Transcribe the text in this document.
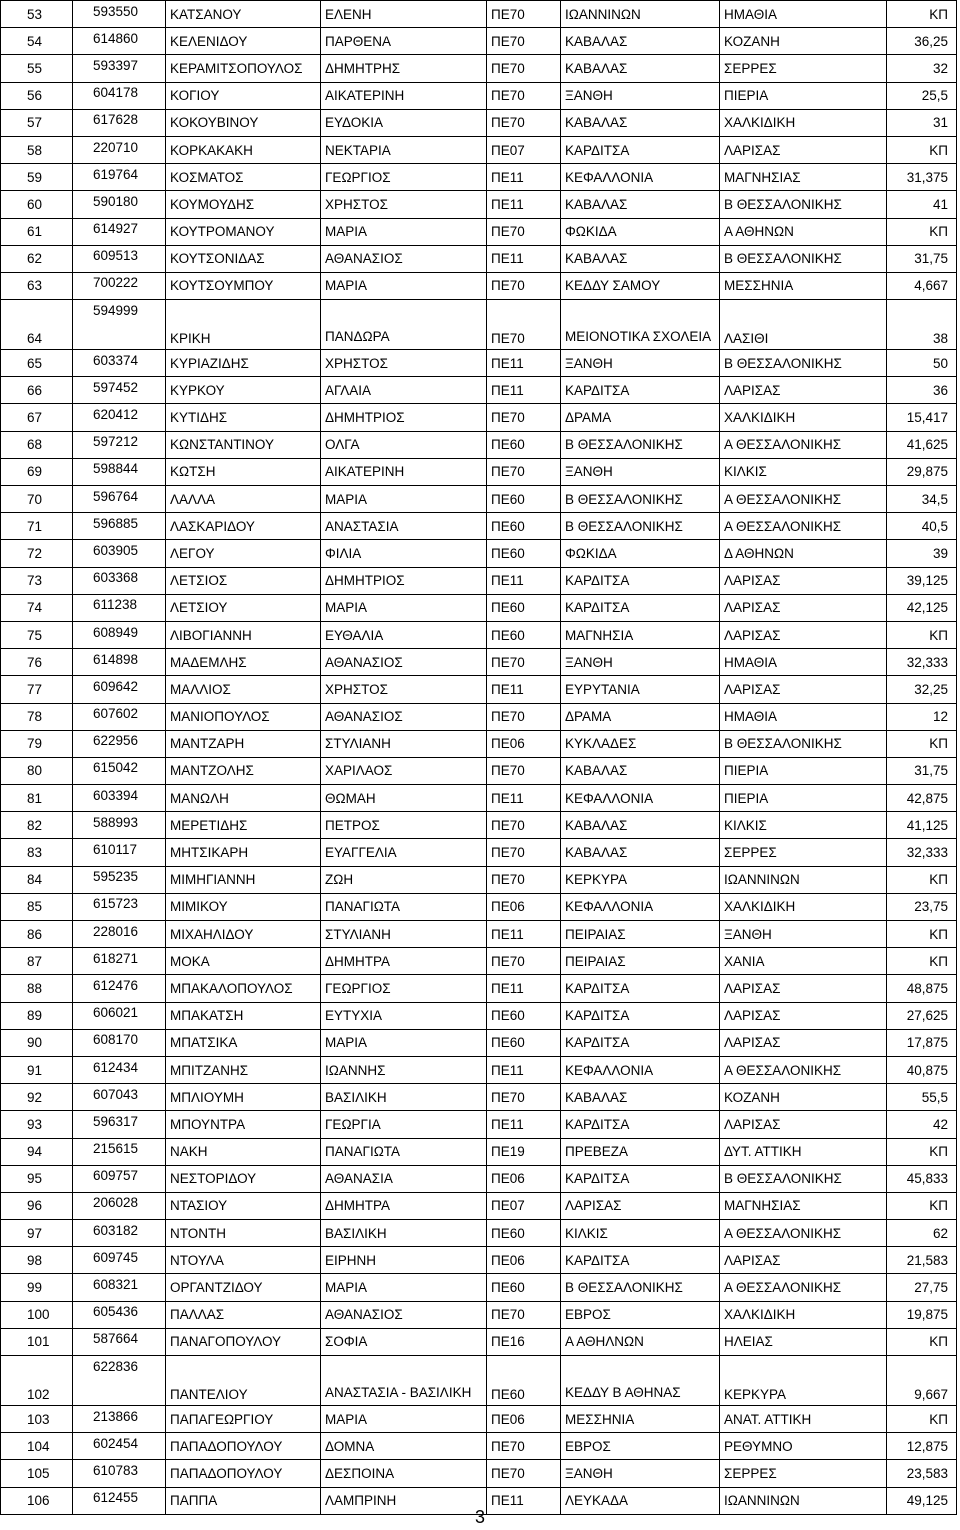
53	593550	ΚΑΤΣΑΝΟΥ	ΕΛΕΝΗ	ΠΕ70	ΙΩΑΝΝΙΝΩΝ	ΗΜΑΘΙΑ	ΚΠ
54	614860	ΚΕΛΕΝΙΔΟΥ	ΠΑΡΘΕΝΑ	ΠΕ70	ΚΑΒΑΛΑΣ	ΚΟΖΑΝΗ	36,25
55	593397	ΚΕΡΑΜΙΤΣΟΠΟΥΛΟΣ	ΔΗΜΗΤΡΗΣ	ΠΕ70	ΚΑΒΑΛΑΣ	ΣΕΡΡΕΣ	32
56	604178	ΚΟΓΙΟΥ	ΑΙΚΑΤΕΡΙΝΗ	ΠΕ70	ΞΑΝΘΗ	ΠΙΕΡΙΑ	25,5
57	617628	ΚΟΚΟΥΒΙΝΟΥ	ΕΥΔΟΚΙΑ	ΠΕ70	ΚΑΒΑΛΑΣ	ΧΑΛΚΙΔΙΚΗ	31
58	220710	ΚΟΡΚΑΚΑΚΗ	ΝΕΚΤΑΡΙΑ	ΠΕ07	ΚΑΡΔΙΤΣΑ	ΛΑΡΙΣΑΣ	ΚΠ
59	619764	ΚΟΣΜΑΤΟΣ	ΓΕΩΡΓΙΟΣ	ΠΕ11	ΚΕΦΑΛΛΟΝΙΑ	ΜΑΓΝΗΣΙΑΣ	31,375
60	590180	ΚΟΥΜΟΥΔΗΣ	ΧΡΗΣΤΟΣ	ΠΕ11	ΚΑΒΑΛΑΣ	Β ΘΕΣΣΑΛΟΝΙΚΗΣ	41
61	614927	ΚΟΥΤΡΟΜΑΝΟΥ	ΜΑΡΙΑ	ΠΕ70	ΦΩΚΙΔΑ	Α ΑΘΗΝΩΝ	ΚΠ
62	609513	ΚΟΥΤΣΟΝΙΔΑΣ	ΑΘΑΝΑΣΙΟΣ	ΠΕ11	ΚΑΒΑΛΑΣ	Β ΘΕΣΣΑΛΟΝΙΚΗΣ	31,75
63	700222	ΚΟΥΤΣΟΥΜΠΟΥ	ΜΑΡΙΑ	ΠΕ70	ΚΕΔΔΥ ΣΑΜΟΥ	ΜΕΣΣΗΝΙΑ	4,667
64	594999	ΚΡΙΚΗ	ΠΑΝΔΩΡΑ	ΠΕ70	ΜΕΙΟΝΟΤΙΚΑ ΣΧΟΛΕΙΑ	ΛΑΣΙΘΙ	38
65	603374	ΚΥΡΙΑΖΙΔΗΣ	ΧΡΗΣΤΟΣ	ΠΕ11	ΞΑΝΘΗ	Β ΘΕΣΣΑΛΟΝΙΚΗΣ	50
66	597452	ΚΥΡΚΟΥ	ΑΓΛΑΙΑ	ΠΕ11	ΚΑΡΔΙΤΣΑ	ΛΑΡΙΣΑΣ	36
67	620412	ΚΥΤΙΔΗΣ	ΔΗΜΗΤΡΙΟΣ	ΠΕ70	ΔΡΑΜΑ	ΧΑΛΚΙΔΙΚΗ	15,417
68	597212	ΚΩΝΣΤΑΝΤΙΝΟΥ	ΟΛΓΑ	ΠΕ60	Β ΘΕΣΣΑΛΟΝΙΚΗΣ	Α ΘΕΣΣΑΛΟΝΙΚΗΣ	41,625
69	598844	ΚΩΤΣΗ	ΑΙΚΑΤΕΡΙΝΗ	ΠΕ70	ΞΑΝΘΗ	ΚΙΛΚΙΣ	29,875
70	596764	ΛΑΛΛΑ	ΜΑΡΙΑ	ΠΕ60	Β ΘΕΣΣΑΛΟΝΙΚΗΣ	Α ΘΕΣΣΑΛΟΝΙΚΗΣ	34,5
71	596885	ΛΑΣΚΑΡΙΔΟΥ	ΑΝΑΣΤΑΣΙΑ	ΠΕ60	Β ΘΕΣΣΑΛΟΝΙΚΗΣ	Α ΘΕΣΣΑΛΟΝΙΚΗΣ	40,5
72	603905	ΛΕΓΟΥ	ΦΙΛΙΑ	ΠΕ60	ΦΩΚΙΔΑ	Δ ΑΘΗΝΩΝ	39
73	603368	ΛΕΤΣΙΟΣ	ΔΗΜΗΤΡΙΟΣ	ΠΕ11	ΚΑΡΔΙΤΣΑ	ΛΑΡΙΣΑΣ	39,125
74	611238	ΛΕΤΣΙΟΥ	ΜΑΡΙΑ	ΠΕ60	ΚΑΡΔΙΤΣΑ	ΛΑΡΙΣΑΣ	42,125
75	608949	ΛΙΒΟΓΙΑΝΝΗ	ΕΥΘΑΛΙΑ	ΠΕ60	ΜΑΓΝΗΣΙΑ	ΛΑΡΙΣΑΣ	ΚΠ
76	614898	ΜΑΔΕΜΛΗΣ	ΑΘΑΝΑΣΙΟΣ	ΠΕ70	ΞΑΝΘΗ	ΗΜΑΘΙΑ	32,333
77	609642	ΜΑΛΛΙΟΣ	ΧΡΗΣΤΟΣ	ΠΕ11	ΕΥΡΥΤΑΝΙΑ	ΛΑΡΙΣΑΣ	32,25
78	607602	ΜΑΝΙΟΠΟΥΛΟΣ	ΑΘΑΝΑΣΙΟΣ	ΠΕ70	ΔΡΑΜΑ	ΗΜΑΘΙΑ	12
79	622956	ΜΑΝΤΖΑΡΗ	ΣΤΥΛΙΑΝΗ	ΠΕ06	ΚΥΚΛΑΔΕΣ	Β ΘΕΣΣΑΛΟΝΙΚΗΣ	ΚΠ
80	615042	ΜΑΝΤΖΟΛΗΣ	ΧΑΡΙΛΑΟΣ	ΠΕ70	ΚΑΒΑΛΑΣ	ΠΙΕΡΙΑ	31,75
81	603394	ΜΑΝΩΛΗ	ΘΩΜΑΗ	ΠΕ11	ΚΕΦΑΛΛΟΝΙΑ	ΠΙΕΡΙΑ	42,875
82	588993	ΜΕΡΕΤΙΔΗΣ	ΠΕΤΡΟΣ	ΠΕ70	ΚΑΒΑΛΑΣ	ΚΙΛΚΙΣ	41,125
83	610117	ΜΗΤΣΙΚΑΡΗ	ΕΥΑΓΓΕΛΙΑ	ΠΕ70	ΚΑΒΑΛΑΣ	ΣΕΡΡΕΣ	32,333
84	595235	ΜΙΜΗΓΙΑΝΝΗ	ΖΩΗ	ΠΕ70	ΚΕΡΚΥΡΑ	ΙΩΑΝΝΙΝΩΝ	ΚΠ
85	615723	ΜΙΜΙΚΟΥ	ΠΑΝΑΓΙΩΤΑ	ΠΕ06	ΚΕΦΑΛΛΟΝΙΑ	ΧΑΛΚΙΔΙΚΗ	23,75
86	228016	ΜΙΧΑΗΛΙΔΟΥ	ΣΤΥΛΙΑΝΗ	ΠΕ11	ΠΕΙΡΑΙΑΣ	ΞΑΝΘΗ	ΚΠ
87	618271	ΜΟΚΑ	ΔΗΜΗΤΡΑ	ΠΕ70	ΠΕΙΡΑΙΑΣ	ΧΑΝΙΑ	ΚΠ
88	612476	ΜΠΑΚΑΛΟΠΟΥΛΟΣ	ΓΕΩΡΓΙΟΣ	ΠΕ11	ΚΑΡΔΙΤΣΑ	ΛΑΡΙΣΑΣ	48,875
89	606021	ΜΠΑΚΑΤΣΗ	ΕΥΤΥΧΙΑ	ΠΕ60	ΚΑΡΔΙΤΣΑ	ΛΑΡΙΣΑΣ	27,625
90	608170	ΜΠΑΤΣΙΚΑ	ΜΑΡΙΑ	ΠΕ60	ΚΑΡΔΙΤΣΑ	ΛΑΡΙΣΑΣ	17,875
91	612434	ΜΠΙΤΖΑΝΗΣ	ΙΩΑΝΝΗΣ	ΠΕ11	ΚΕΦΑΛΛΟΝΙΑ	Α ΘΕΣΣΑΛΟΝΙΚΗΣ	40,875
92	607043	ΜΠΛΙΟΥΜΗ	ΒΑΣΙΛΙΚΗ	ΠΕ70	ΚΑΒΑΛΑΣ	ΚΟΖΑΝΗ	55,5
93	596317	ΜΠΟΥΝΤΡΑ	ΓΕΩΡΓΙΑ	ΠΕ11	ΚΑΡΔΙΤΣΑ	ΛΑΡΙΣΑΣ	42
94	215615	ΝΑΚΗ	ΠΑΝΑΓΙΩΤΑ	ΠΕ19	ΠΡΕΒΕΖΑ	ΔΥΤ. ΑΤΤΙΚΗ	ΚΠ
95	609757	ΝΕΣΤΟΡΙΔΟΥ	ΑΘΑΝΑΣΙΑ	ΠΕ06	ΚΑΡΔΙΤΣΑ	Β ΘΕΣΣΑΛΟΝΙΚΗΣ	45,833
96	206028	ΝΤΑΣΙΟΥ	ΔΗΜΗΤΡΑ	ΠΕ07	ΛΑΡΙΣΑΣ	ΜΑΓΝΗΣΙΑΣ	ΚΠ
97	603182	ΝΤΟΝΤΗ	ΒΑΣΙΛΙΚΗ	ΠΕ60	ΚΙΛΚΙΣ	Α ΘΕΣΣΑΛΟΝΙΚΗΣ	62
98	609745	ΝΤΟΥΛΑ	ΕΙΡΗΝΗ	ΠΕ06	ΚΑΡΔΙΤΣΑ	ΛΑΡΙΣΑΣ	21,583
99	608321	ΟΡΓΑΝΤΖΙΔΟΥ	ΜΑΡΙΑ	ΠΕ60	Β ΘΕΣΣΑΛΟΝΙΚΗΣ	Α ΘΕΣΣΑΛΟΝΙΚΗΣ	27,75
100	605436	ΠΑΛΛΑΣ	ΑΘΑΝΑΣΙΟΣ	ΠΕ70	ΕΒΡΟΣ	ΧΑΛΚΙΔΙΚΗ	19,875
101	587664	ΠΑΝΑΓΟΠΟΥΛΟΥ	ΣΟΦΙΑ	ΠΕ16	Α ΑΘΗΛΝΩΝ	ΗΛΕΙΑΣ	ΚΠ
102	622836	ΠΑΝΤΕΛΙΟΥ	ΑΝΑΣΤΑΣΙΑ - ΒΑΣΙΛΙΚΗ	ΠΕ60	ΚΕΔΔΥ Β ΑΘΗΝΑΣ	ΚΕΡΚΥΡΑ	9,667
103	213866	ΠΑΠΑΓΕΩΡΓΙΟΥ	ΜΑΡΙΑ	ΠΕ06	ΜΕΣΣΗΝΙΑ	ΑΝΑΤ. ΑΤΤΙΚΗ	ΚΠ
104	602454	ΠΑΠΑΔΟΠΟΥΛΟΥ	ΔΟΜΝΑ	ΠΕ70	ΕΒΡΟΣ	ΡΕΘΥΜΝΟ	12,875
105	610783	ΠΑΠΑΔΟΠΟΥΛΟΥ	ΔΕΣΠΟΙΝΑ	ΠΕ70	ΞΑΝΘΗ	ΣΕΡΡΕΣ	23,583
106	612455	ΠΑΠΠΑ	ΛΑΜΠΡΙΝΗ	ΠΕ11	ΛΕΥΚΑΔΑ	ΙΩΑΝΝΙΝΩΝ	49,125
3
